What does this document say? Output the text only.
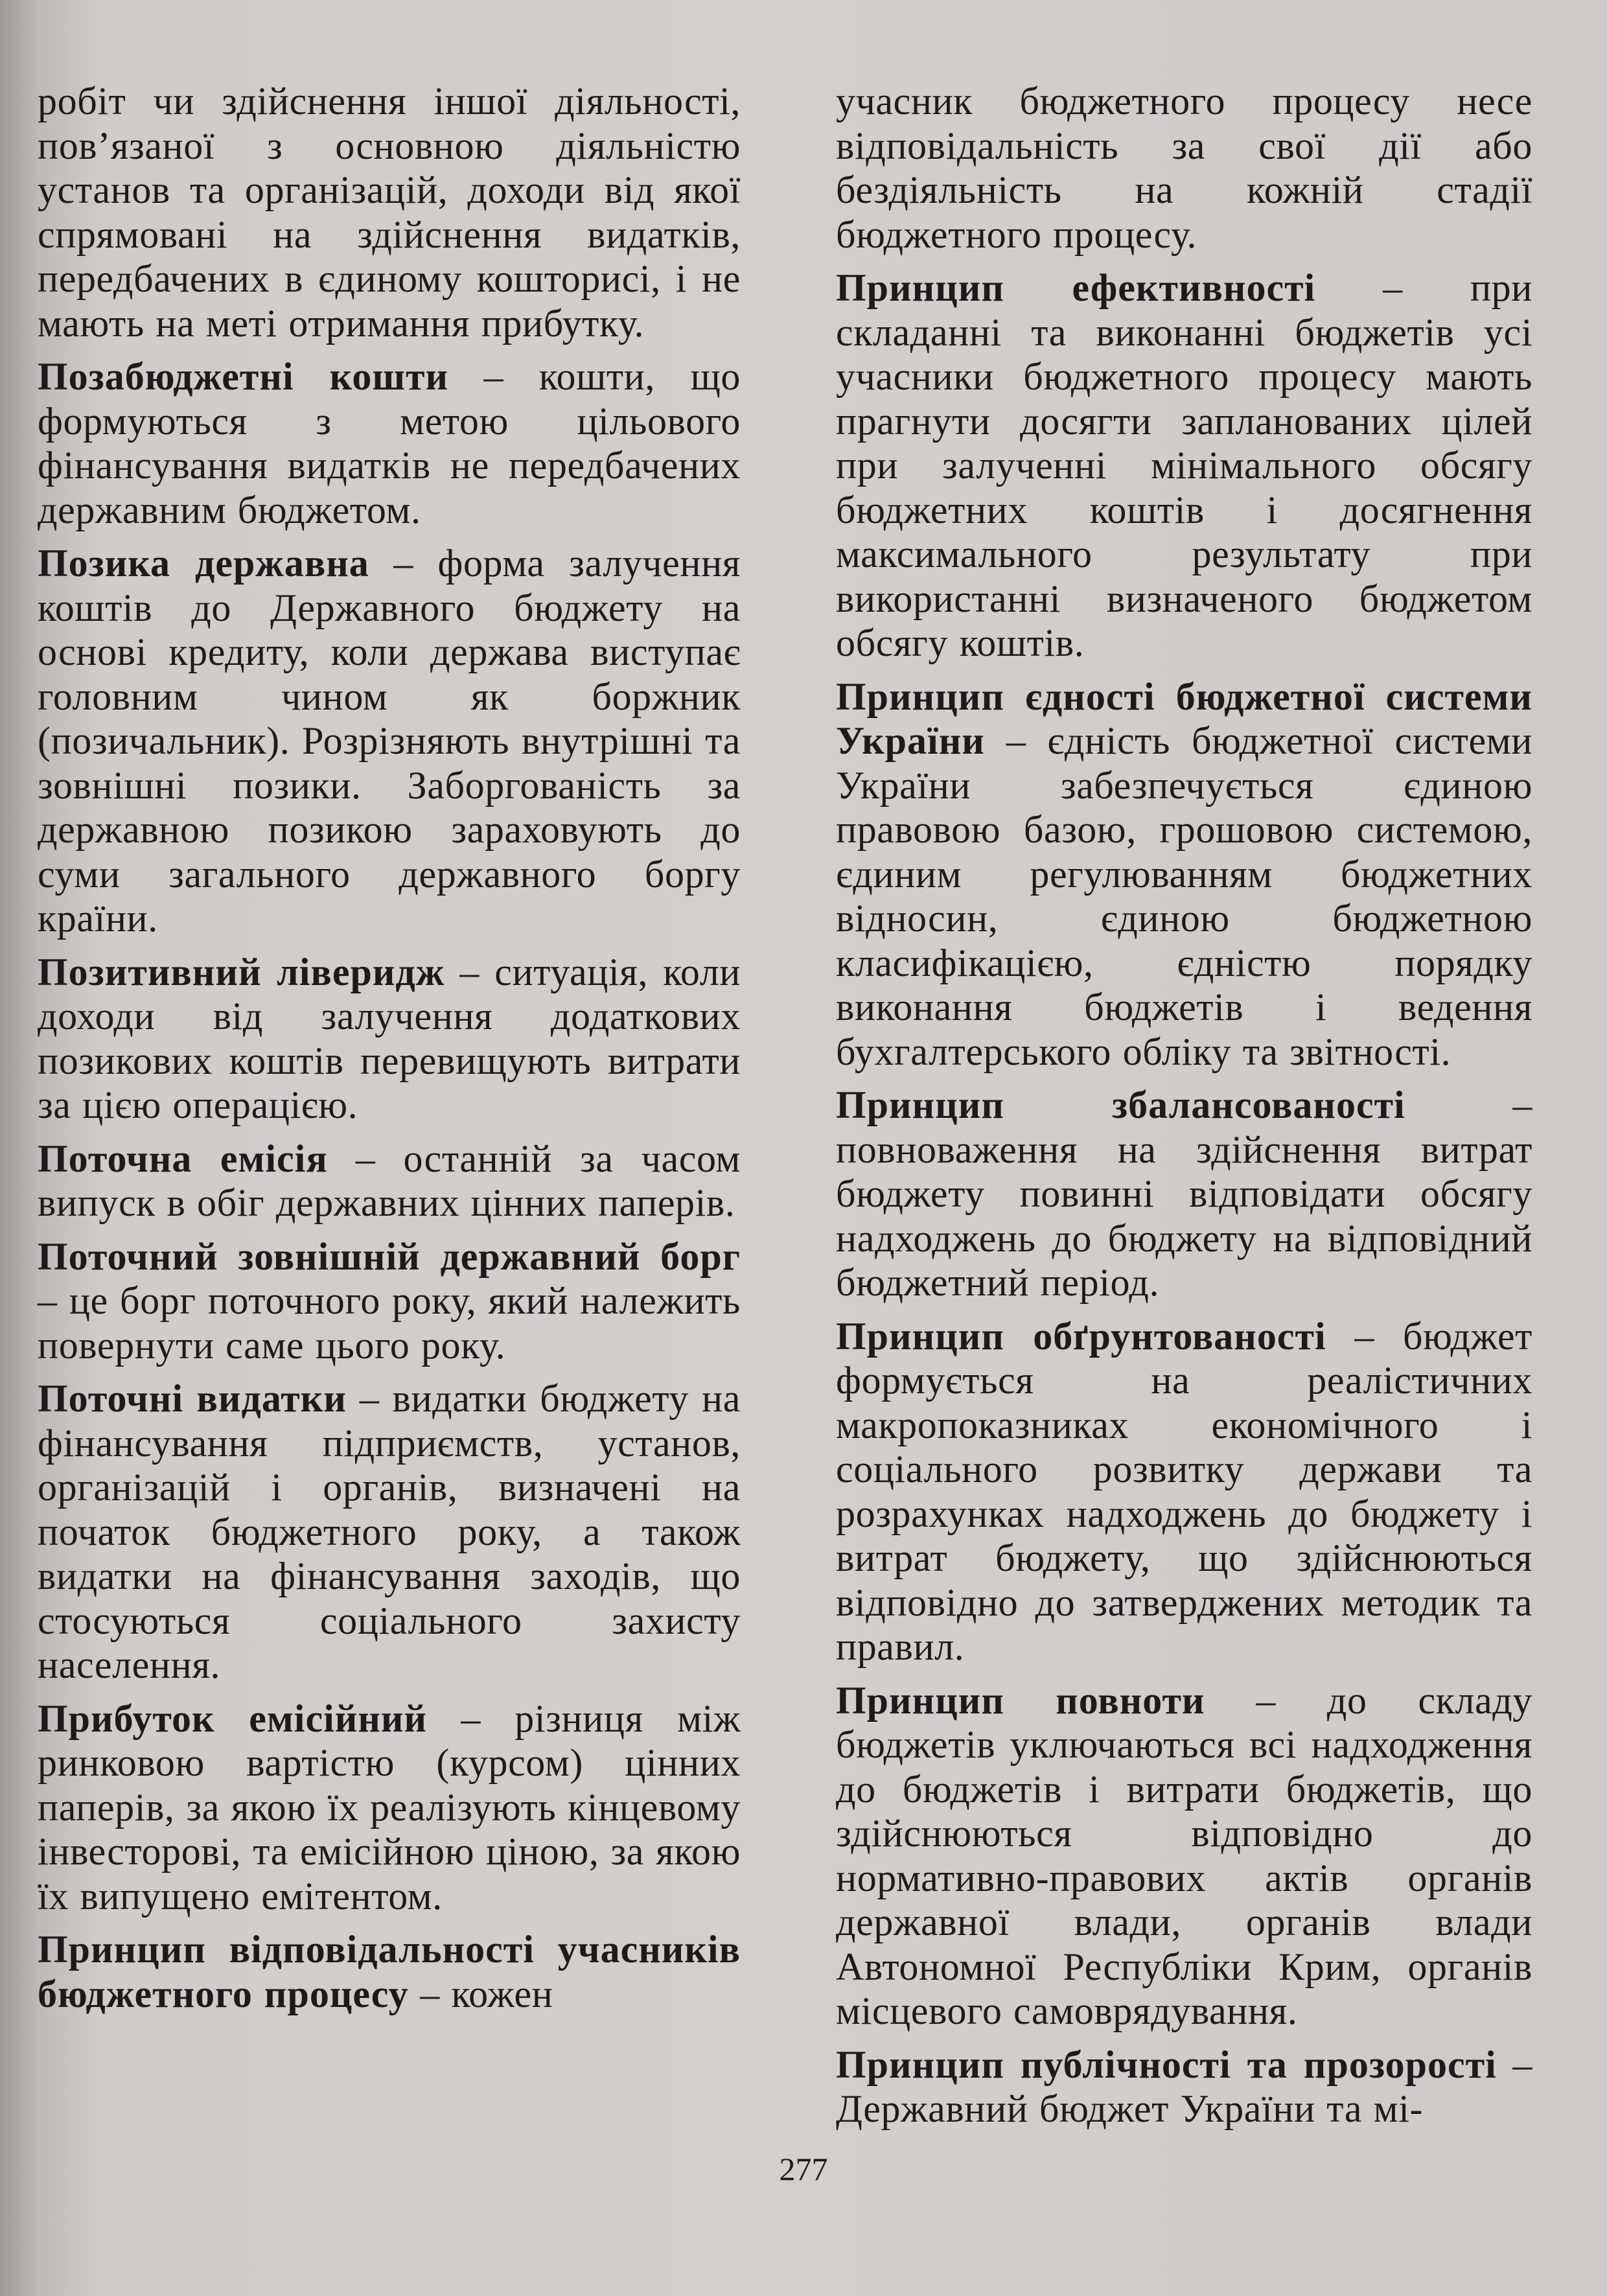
робіт чи здійснення іншої діяльності, пов’язаної з основною діяльністю установ та організацій, доходи від якої спрямовані на здійснення видатків, передбачених в єдиному кошторисі, і не мають на меті отримання прибутку.

Позабюджетні кошти – кошти, що формуються з метою цільового фінансування видатків не передбачених державним бюджетом.

Позика державна – форма залучення коштів до Державного бюджету на основі кредиту, коли держава виступає головним чином як боржник (позичальник). Розрізняють внутрішні та зовнішні позики. Заборгованість за державною позикою зараховують до суми загального державного боргу країни.

Позитивний ліверидж – ситуація, коли доходи від залучення додаткових позикових коштів перевищують витрати за цією операцією.

Поточна емісія – останній за часом випуск в обіг державних цінних паперів.

Поточний зовнішній державний борг – це борг поточного року, який належить повернути саме цього року.

Поточні видатки – видатки бюджету на фінансування підприємств, установ, організацій і органів, визначені на початок бюджетного року, а також видатки на фінансування заходів, що стосуються соціального захисту населення.

Прибуток емісійний – різниця між ринковою вартістю (курсом) цінних паперів, за якою їх реалізують кінцевому інвесторові, та емісійною ціною, за якою їх випущено емітентом.

Принцип відповідальності учасників бюджетного процесу – кожен

учасник бюджетного процесу несе відповідальність за свої дії або бездіяльність на кожній стадії бюджетного процесу.

Принцип ефективності – при складанні та виконанні бюджетів усі учасники бюджетного процесу мають прагнути досягти запланованих цілей при залученні мінімального обсягу бюджетних коштів і досягнення максимального результату при використанні визначеного бюджетом обсягу коштів.

Принцип єдності бюджетної системи України – єдність бюджетної системи України забезпечується єдиною правовою базою, грошовою системою, єдиним регулюванням бюджетних відносин, єдиною бюджетною класифікацією, єдністю порядку виконання бюджетів і ведення бухгалтерського обліку та звітності.

Принцип збалансованості – повноваження на здійснення витрат бюджету повинні відповідати обсягу надходжень до бюджету на відповідний бюджетний період.

Принцип обґрунтованості – бюджет формується на реалістичних макропоказниках економічного і соціального розвитку держави та розрахунках надходжень до бюджету і витрат бюджету, що здійснюються відповідно до затверджених методик та правил.

Принцип повноти – до складу бюджетів уключаються всі надходження до бюджетів і витрати бюджетів, що здійснюються відповідно до нормативно-правових актів органів державної влади, органів влади Автономної Республіки Крим, органів місцевого самоврядування.

Принцип публічності та прозорості – Державний бюджет України та мі-

277
